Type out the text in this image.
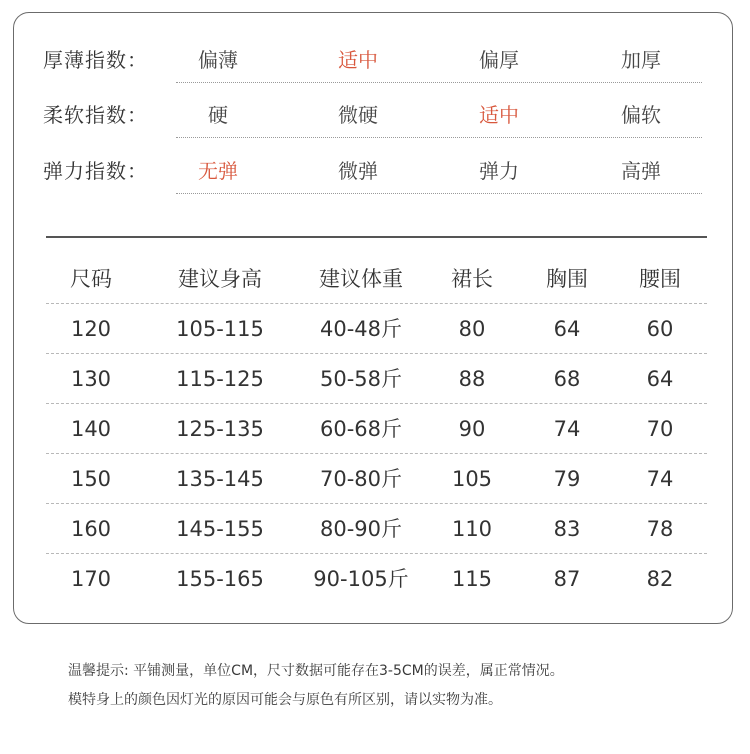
厚薄指数：	偏薄	适中	偏厚	加厚
柔软指数：	硬	微硬	适中	偏软
弹力指数：	无弹	微弹	弹力	高弹
尺码	建议身高	建议体重	裙长	胸围	腰围
120	105-115	40-48斤	80	64	60
130	115-125	50-58斤	88	68	64
140	125-135	60-68斤	90	74	70
150	135-145	70-80斤	105	79	74
160	145-155	80-90斤	110	83	78
170	155-165	90-105斤	115	87	82
温馨提示: 平铺测量，单位CM，尺寸数据可能存在3-5CM的误差，属正常情况。
模特身上的颜色因灯光的原因可能会与原色有所区别，请以实物为准。
